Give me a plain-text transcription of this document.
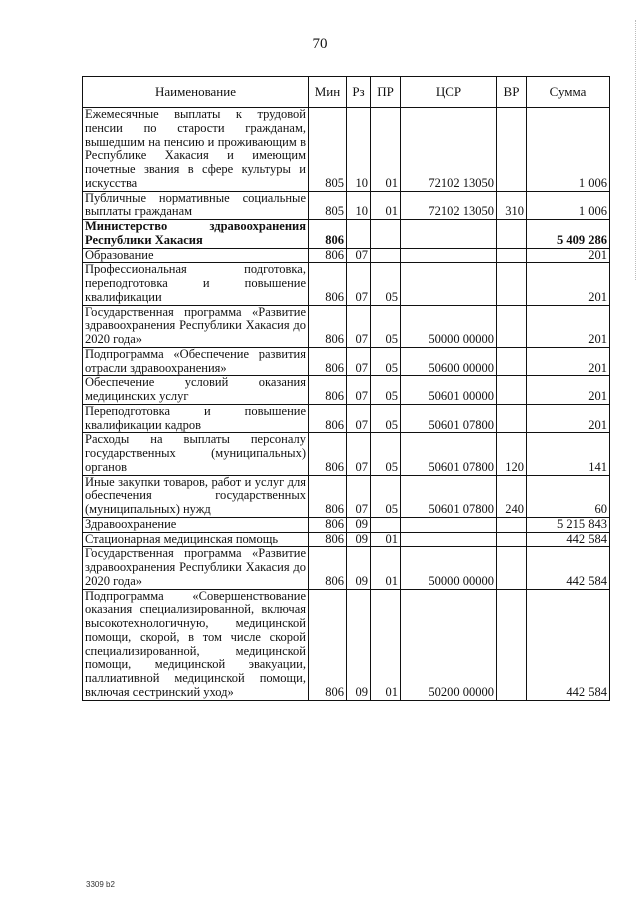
70
Наименование	Мин	Рз	ПР	ЦСР	ВР	Сумма
Ежемесячные выплаты к трудовой пенсии по старости гражданам, вышедшим на пенсию и проживающим в Республике Хакасия и имеющим почетные звания в сфере культуры и искусства	805	10	01	72102 13050		1 006
Публичные нормативные социальные выплаты гражданам	805	10	01	72102 13050	310	1 006
Министерство здравоохранения Республики Хакасия	806					5 409 286
Образование	806	07				201
Профессиональная подготовка, переподготовка и повышение квалификации	806	07	05			201
Государственная программа «Развитие здравоохранения Республики Хакасия до 2020 года»	806	07	05	50000 00000		201
Подпрограмма «Обеспечение развития отрасли здравоохранения»	806	07	05	50600 00000		201
Обеспечение условий оказания медицинских услуг	806	07	05	50601 00000		201
Переподготовка и повышение квалификации кадров	806	07	05	50601 07800		201
Расходы на выплаты персоналу государственных (муниципальных) органов	806	07	05	50601 07800	120	141
Иные закупки товаров, работ и услуг для обеспечения государственных (муниципальных) нужд	806	07	05	50601 07800	240	60
Здравоохранение	806	09				5 215 843
Стационарная медицинская помощь	806	09	01			442 584
Государственная программа «Развитие здравоохранения Республики Хакасия до 2020 года»	806	09	01	50000 00000		442 584
Подпрограмма «Совершенствование оказания специализированной, включая высокотехнологичную, медицинской помощи, скорой, в том числе скорой специализированной, медицинской помощи, медицинской эвакуации, паллиативной медицинской помощи, включая сестринский уход»	806	09	01	50200 00000		442 584
3309 b2
